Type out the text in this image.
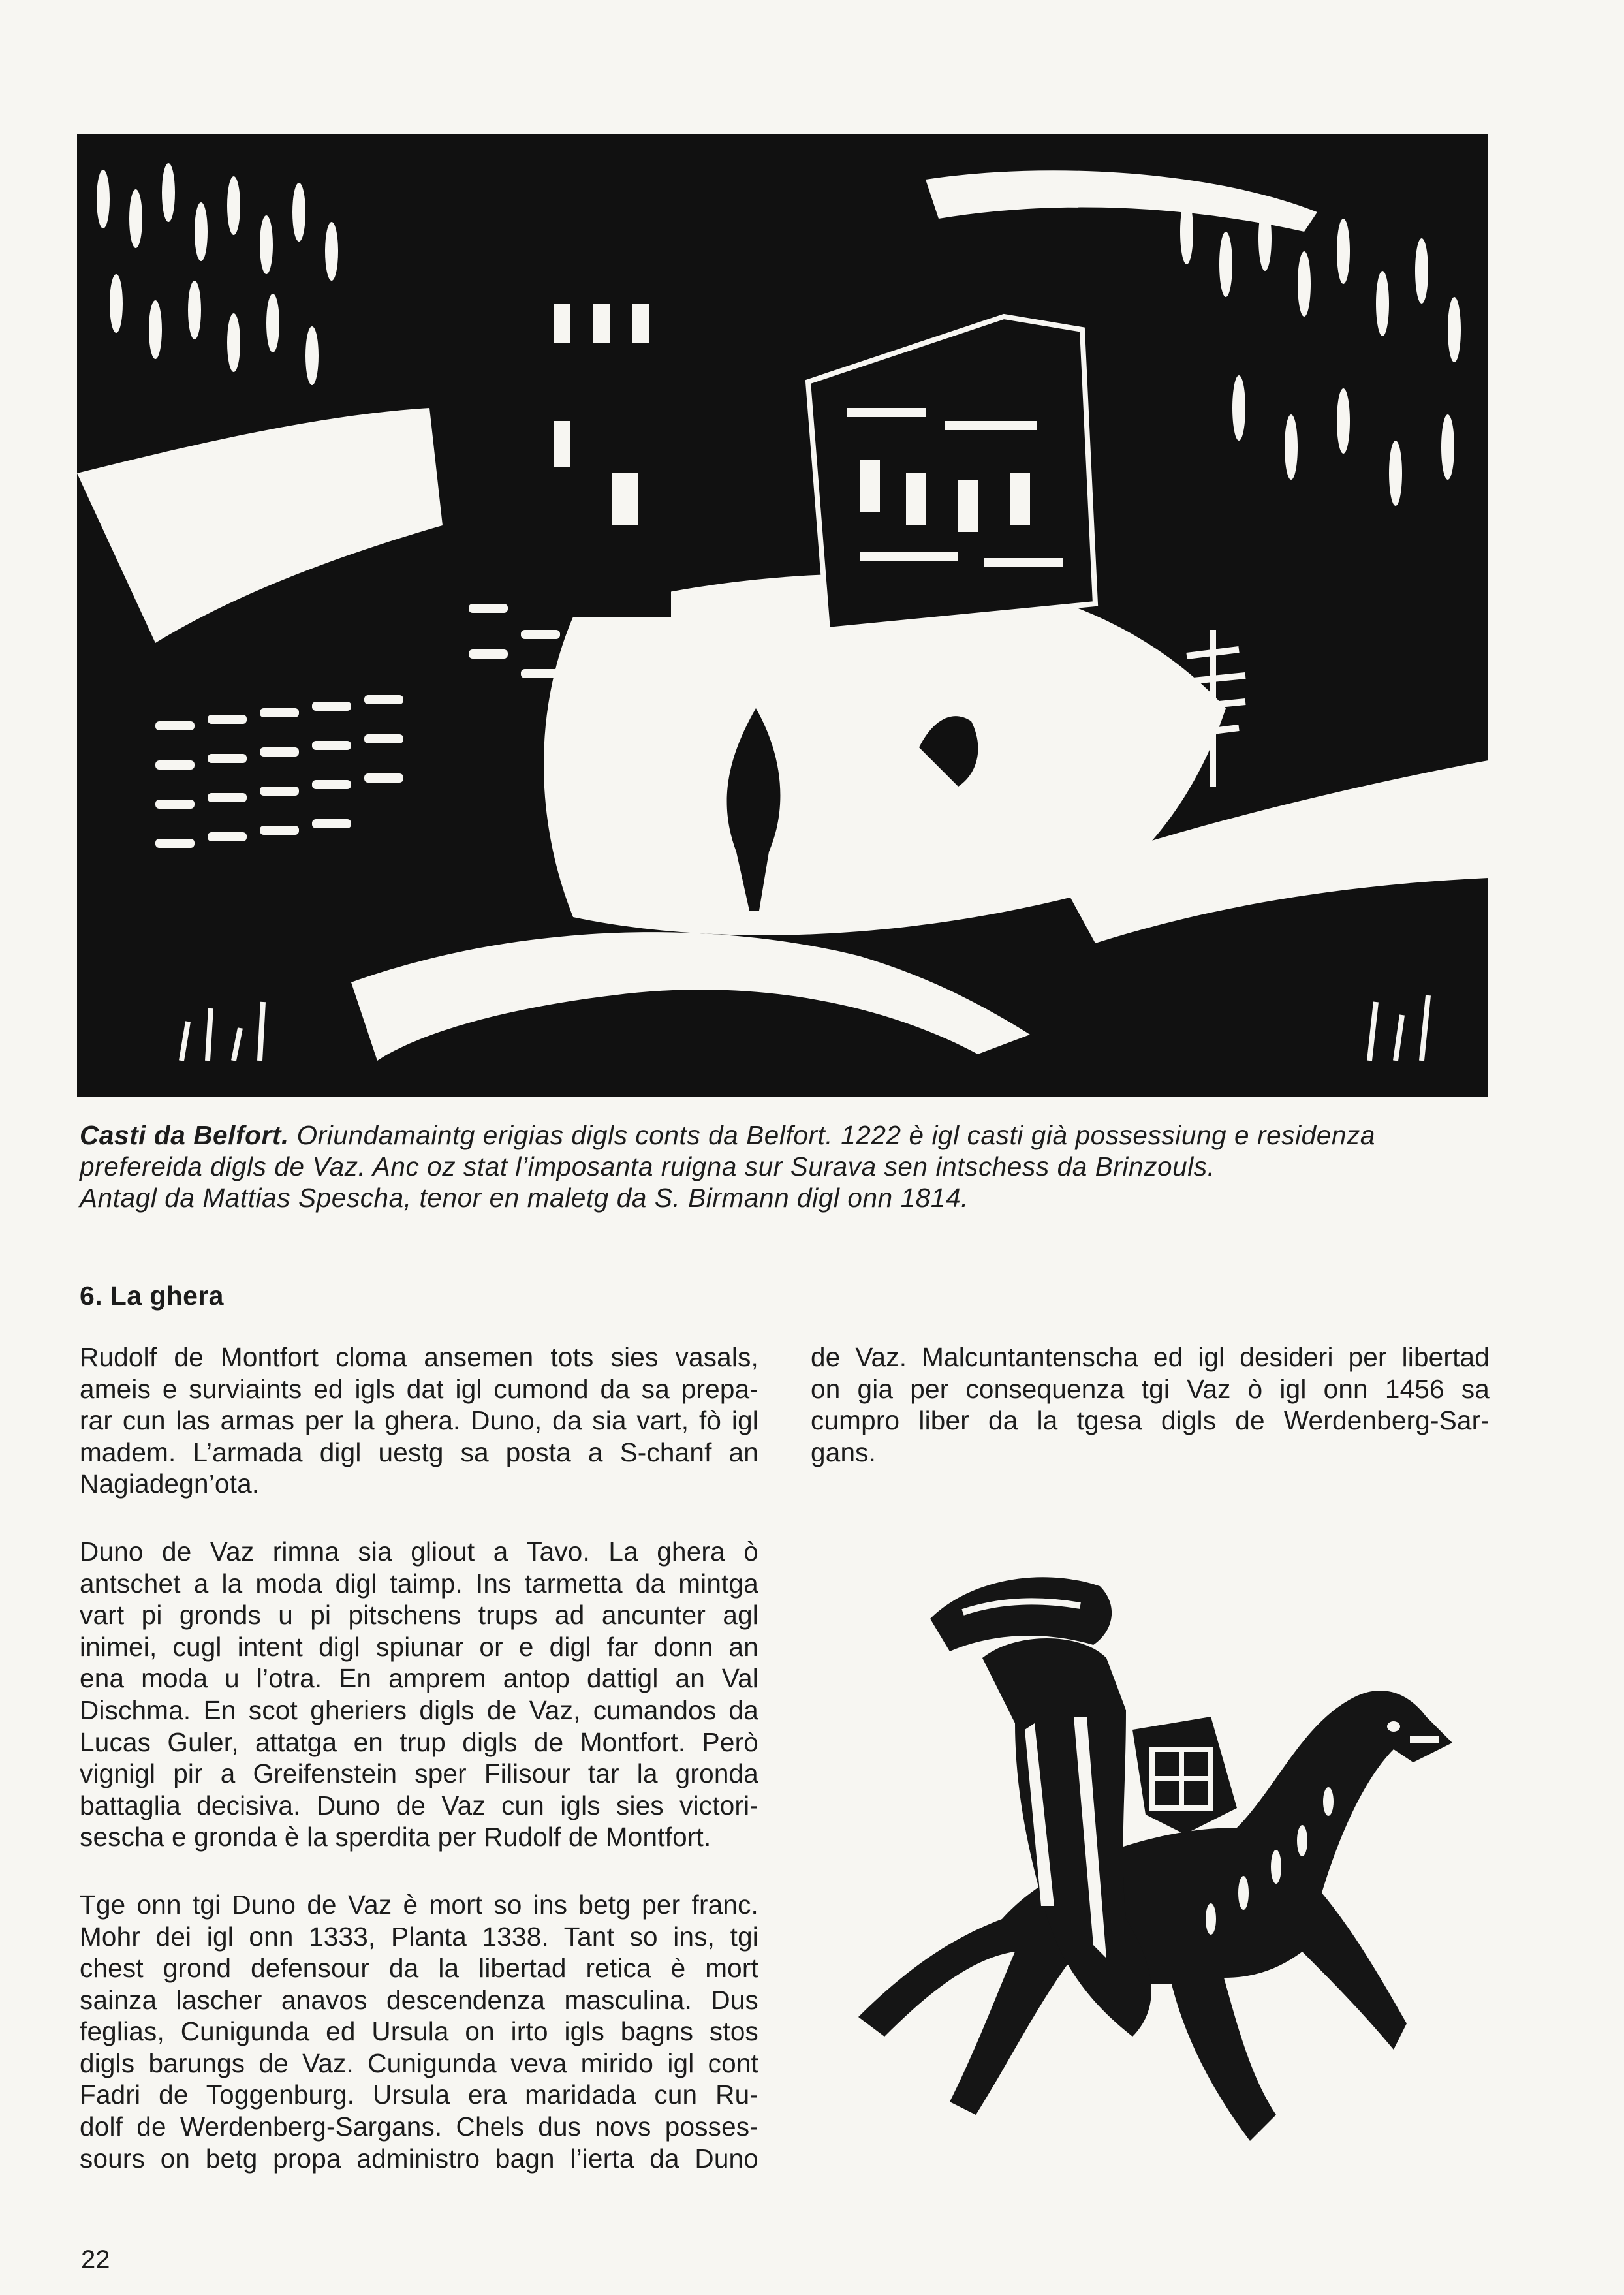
Casti da Belfort. Oriundamaintg erigias digls conts da Belfort. 1222 è igl casti già possessiung e residenza

prefereida digls de Vaz. Anc oz stat l’imposanta ruigna sur Surava sen intschess da Brinzouls.

Antagl da Mattias Spescha, tenor en maletg da S. Birmann digl onn 1814.

6. La ghera
Rudolf de Montfort cloma ansemen tots sies vasals,
ameis e surviaints ed igls dat igl cumond da sa prepa-
rar cun las armas per la ghera. Duno, da sia vart, fò igl
madem. L’armada digl uestg sa posta a S-chanf an
Nagiadegn’ota.
Duno de Vaz rimna sia gliout a Tavo. La ghera ò
antschet a la moda digl taimp. Ins tarmetta da mintga
vart pi gronds u pi pitschens trups ad ancunter agl
inimei, cugl intent digl spiunar or e digl far donn an
ena moda u l’otra. En amprem antop dattigl an Val
Dischma. En scot gheriers digls de Vaz, cumandos da
Lucas Guler, attatga en trup digls de Montfort. Però
vignigl pir a Greifenstein sper Filisour tar la gronda
battaglia decisiva. Duno de Vaz cun igls sies victori-
sescha e gronda è la sperdita per Rudolf de Montfort.
Tge onn tgi Duno de Vaz è mort so ins betg per franc.
Mohr dei igl onn 1333, Planta 1338. Tant so ins, tgi
chest grond defensour da la libertad retica è mort
sainza lascher anavos descendenza masculina. Dus
feglias, Cunigunda ed Ursula on irto igls bagns stos
digls barungs de Vaz. Cunigunda veva mirido igl cont
Fadri de Toggenburg. Ursula era maridada cun Ru-
dolf de Werdenberg-Sargans. Chels dus novs posses-
sours on betg propa administro bagn l’ierta da Duno
de Vaz. Malcuntantenscha ed igl desideri per libertad
on gia per consequenza tgi Vaz ò igl onn 1456 sa
cumpro liber da la tgesa digls de Werdenberg-Sar-
gans.
22
